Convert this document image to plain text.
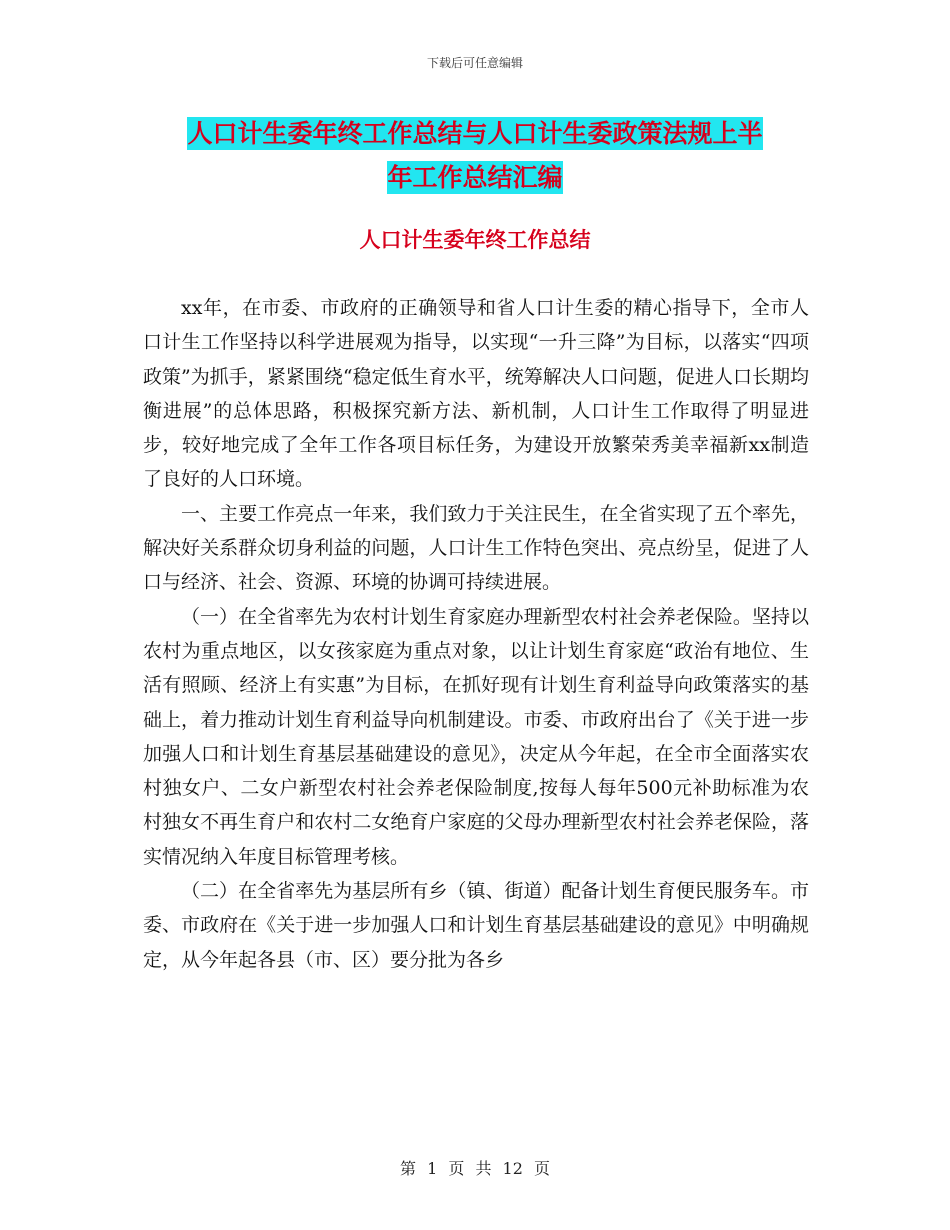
下载后可任意编辑
人口计生委年终工作总结与人口计生委政策法规上半
年工作总结汇编
人口计生委年终工作总结

xx年，在市委、市政府的正确领导和省人口计生委的精心指导下，全市人口计生工作坚持以科学进展观为指导，以实现“一升三降”为目标，以落实“四项政策”为抓手，紧紧围绕“稳定低生育水平，统筹解决人口问题，促进人口长期均衡进展”的总体思路，积极探究新方法、新机制，人口计生工作取得了明显进步，较好地完成了全年工作各项目标任务，为建设开放繁荣秀美幸福新xx制造了良好的人口环境。

一、主要工作亮点一年来，我们致力于关注民生，在全省实现了五个率先，解决好关系群众切身利益的问题，人口计生工作特色突出、亮点纷呈，促进了人口与经济、社会、资源、环境的协调可持续进展。

（一）在全省率先为农村计划生育家庭办理新型农村社会养老保险。坚持以农村为重点地区，以女孩家庭为重点对象，以让计划生育家庭“政治有地位、生活有照顾、经济上有实惠”为目标，在抓好现有计划生育利益导向政策落实的基础上，着力推动计划生育利益导向机制建设。市委、市政府出台了《关于进一步加强人口和计划生育基层基础建设的意见》，决定从今年起，在全市全面落实农村独女户、二女户新型农村社会养老保险制度,按每人每年500元补助标准为农村独女不再生育户和农村二女绝育户家庭的父母办理新型农村社会养老保险，落实情况纳入年度目标管理考核。

（二）在全省率先为基层所有乡（镇、街道）配备计划生育便民服务车。市委、市政府在《关于进一步加强人口和计划生育基层基础建设的意见》中明确规定，从今年起各县（市、区）要分批为各乡

第 1 页 共 12 页
